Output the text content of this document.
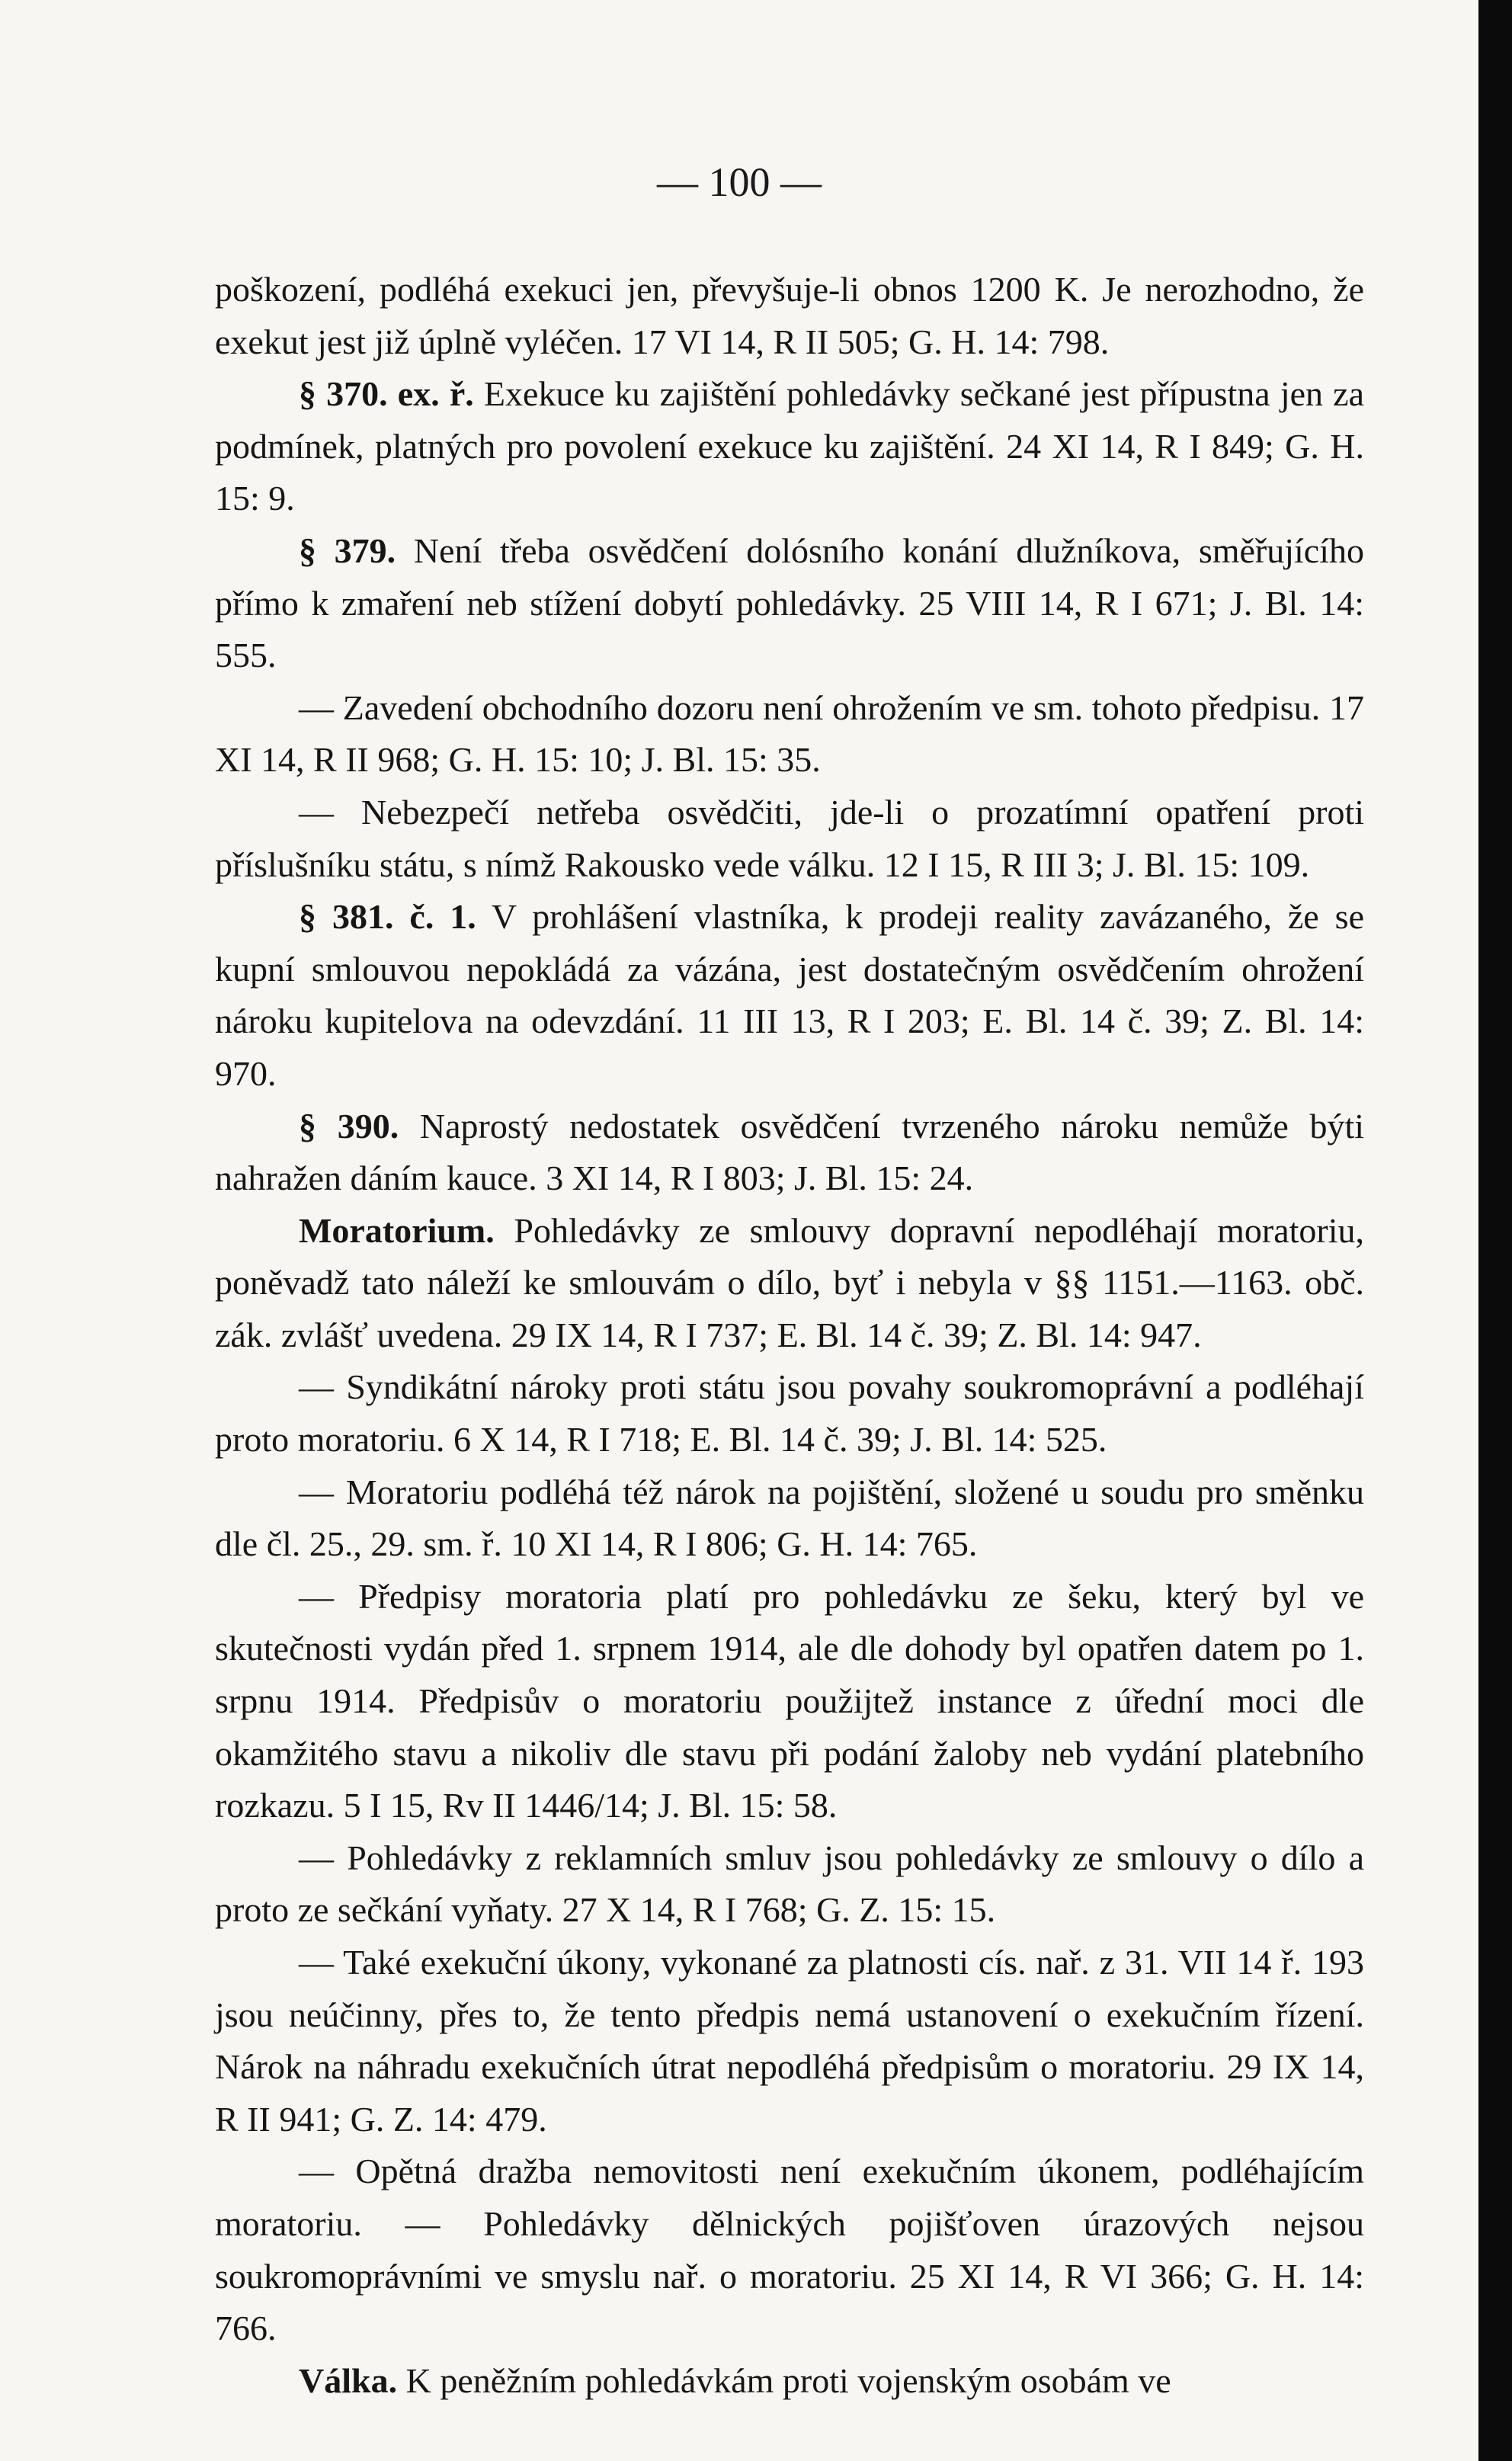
— 100 —

poškození, podléhá exekuci jen, převyšuje-li obnos 1200 K. Je nerozhodno, že exekut jest již úplně vyléčen. 17 VI 14, R II 505; G. H. 14: 798.

§ 370. ex. ř. Exekuce ku zajištění pohledávky sečkané jest přípustna jen za podmínek, platných pro povolení exekuce ku zajištění. 24 XI 14, R I 849; G. H. 15: 9.

§ 379. Není třeba osvědčení dolósního konání dlužníkova, směřujícího přímo k zmaření neb stížení dobytí pohledávky. 25 VIII 14, R I 671; J. Bl. 14: 555.

— Zavedení obchodního dozoru není ohrožením ve sm. tohoto předpisu. 17 XI 14, R II 968; G. H. 15: 10; J. Bl. 15: 35.

— Nebezpečí netřeba osvědčiti, jde-li o prozatímní opatření proti příslušníku státu, s nímž Rakousko vede válku. 12 I 15, R III 3; J. Bl. 15: 109.

§ 381. č. 1. V prohlášení vlastníka, k prodeji reality zavázaného, že se kupní smlouvou nepokládá za vázána, jest dostatečným osvědčením ohrožení nároku kupitelova na odevzdání. 11 III 13, R I 203; E. Bl. 14 č. 39; Z. Bl. 14: 970.

§ 390. Naprostý nedostatek osvědčení tvrzeného nároku nemůže býti nahražen dáním kauce. 3 XI 14, R I 803; J. Bl. 15: 24.

Moratorium. Pohledávky ze smlouvy dopravní nepodléhají moratoriu, poněvadž tato náleží ke smlouvám o dílo, byť i nebyla v §§ 1151.—1163. obč. zák. zvlášť uvedena. 29 IX 14, R I 737; E. Bl. 14 č. 39; Z. Bl. 14: 947.

— Syndikátní nároky proti státu jsou povahy soukromoprávní a podléhají proto moratoriu. 6 X 14, R I 718; E. Bl. 14 č. 39; J. Bl. 14: 525.

— Moratoriu podléhá též nárok na pojištění, složené u soudu pro směnku dle čl. 25., 29. sm. ř. 10 XI 14, R I 806; G. H. 14: 765.

— Předpisy moratoria platí pro pohledávku ze šeku, který byl ve skutečnosti vydán před 1. srpnem 1914, ale dle dohody byl opatřen datem po 1. srpnu 1914. Předpisův o moratoriu použijtež instance z úřední moci dle okamžitého stavu a nikoliv dle stavu při podání žaloby neb vydání platebního rozkazu. 5 I 15, Rv II 1446/14; J. Bl. 15: 58.

— Pohledávky z reklamních smluv jsou pohledávky ze smlouvy o dílo a proto ze sečkání vyňaty. 27 X 14, R I 768; G. Z. 15: 15.

— Také exekuční úkony, vykonané za platnosti cís. nař. z 31. VII 14 ř. 193 jsou neúčinny, přes to, že tento předpis nemá ustanovení o exekučním řízení. Nárok na náhradu exekučních útrat nepodléhá předpisům o moratoriu. 29 IX 14, R II 941; G. Z. 14: 479.

— Opětná dražba nemovitosti není exekučním úkonem, podléhajícím moratoriu. — Pohledávky dělnických pojišťoven úrazových nejsou soukromoprávními ve smyslu nař. o moratoriu. 25 XI 14, R VI 366; G. H. 14: 766.

Válka. K peněžním pohledávkám proti vojenským osobám ve
